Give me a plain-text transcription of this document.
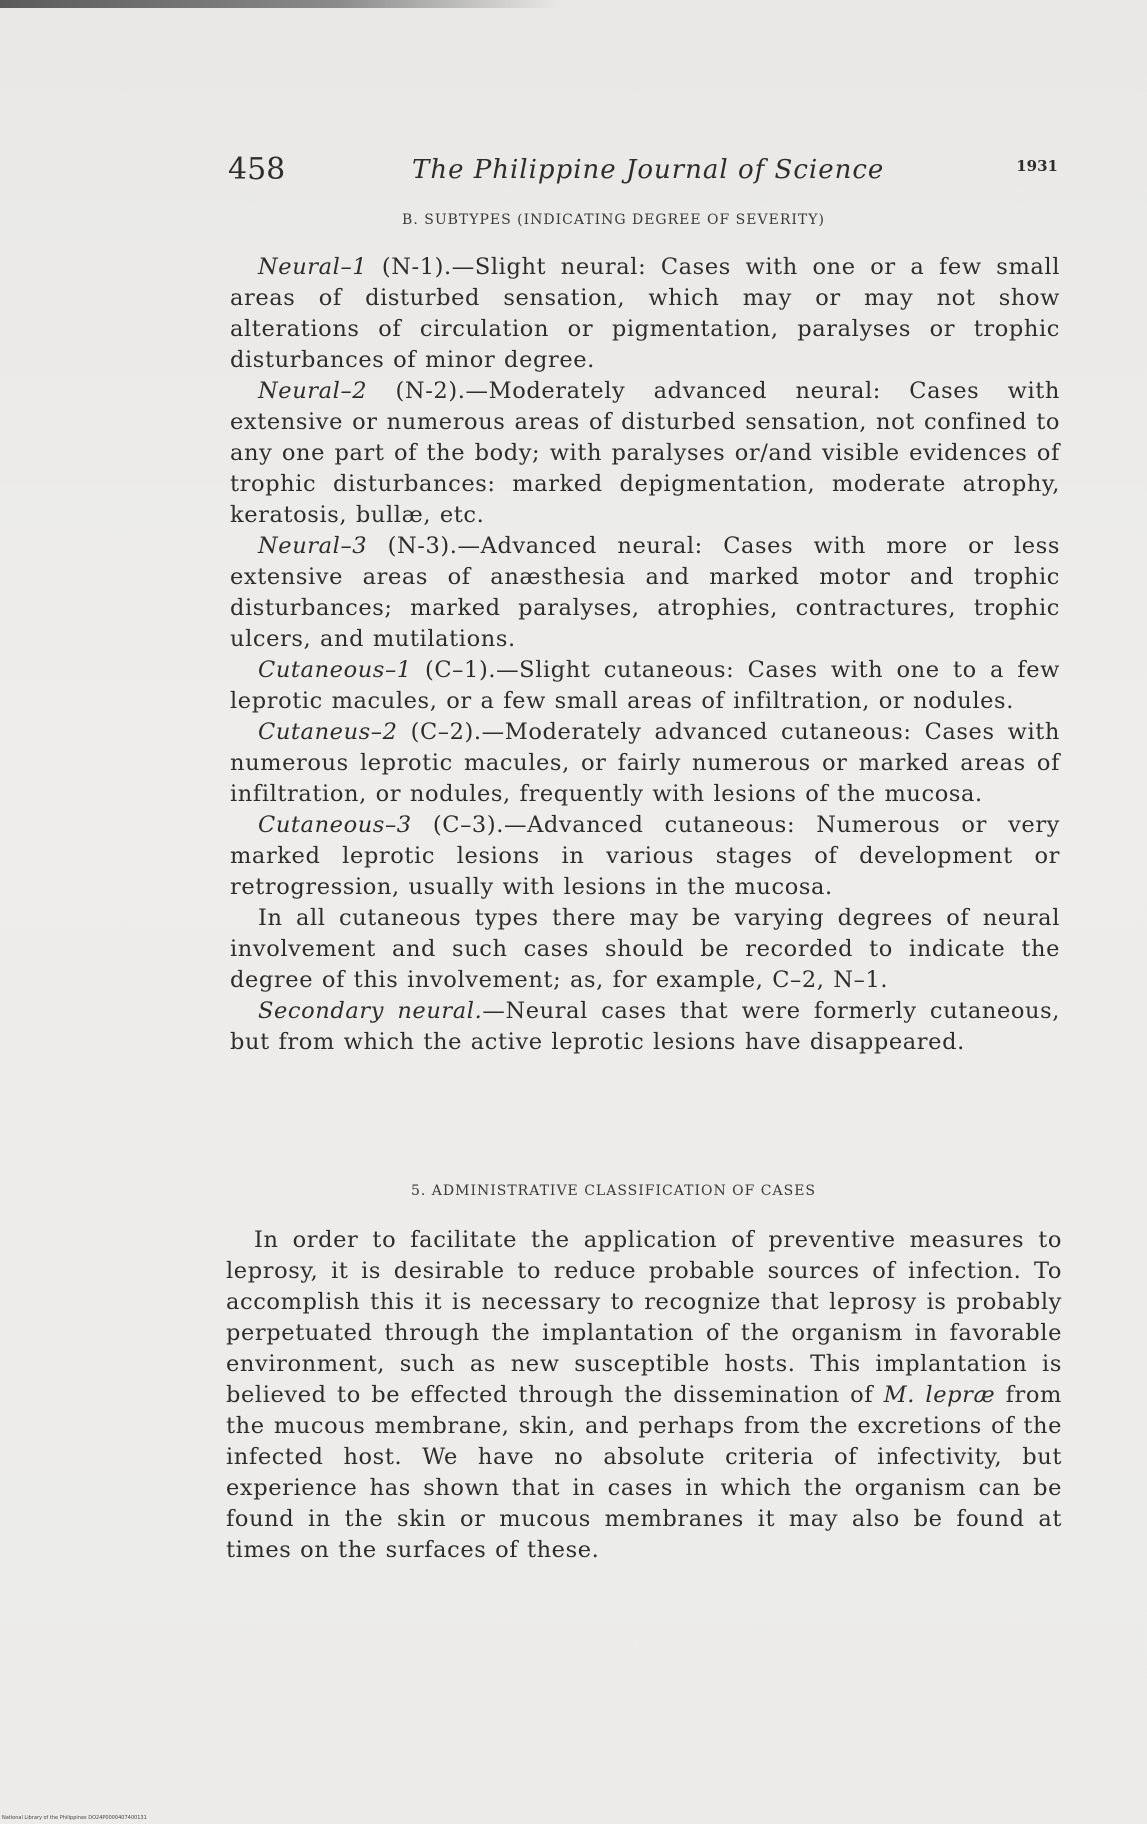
458	The Philippine Journal of Science	1931
B. SUBTYPES (INDICATING DEGREE OF SEVERITY)

Neural–1 (N-1).—Slight neural: Cases with one or a few small areas of disturbed sensation, which may or may not show alterations of circulation or pigmentation, paralyses or trophic disturbances of minor degree.

Neural–2 (N-2).—Moderately advanced neural: Cases with extensive or numerous areas of disturbed sensation, not confined to any one part of the body; with paralyses or/and visible evidences of trophic disturbances: marked depigmentation, moderate atrophy, keratosis, bullæ, etc.

Neural–3 (N-3).—Advanced neural: Cases with more or less extensive areas of anæsthesia and marked motor and trophic disturbances; marked paralyses, atrophies, contractures, trophic ulcers, and mutilations.

Cutaneous–1 (C–1).—Slight cutaneous: Cases with one to a few leprotic macules, or a few small areas of infiltration, or nodules.

Cutaneus–2 (C–2).—Moderately advanced cutaneous: Cases with numerous leprotic macules, or fairly numerous or marked areas of infiltration, or nodules, frequently with lesions of the mucosa.

Cutaneous–3 (C–3).—Advanced cutaneous: Numerous or very marked leprotic lesions in various stages of development or retrogression, usually with lesions in the mucosa.

In all cutaneous types there may be varying degrees of neural involvement and such cases should be recorded to indicate the degree of this involvement; as, for example, C–2, N–1.

Secondary neural.—Neural cases that were formerly cutaneous, but from which the active leprotic lesions have disappeared.

5. ADMINISTRATIVE CLASSIFICATION OF CASES

In order to facilitate the application of preventive measures to leprosy, it is desirable to reduce probable sources of infection. To accomplish this it is necessary to recognize that leprosy is probably perpetuated through the implantation of the organism in favorable environment, such as new susceptible hosts. This implantation is believed to be effected through the dissemination of M. lepræ from the mucous membrane, skin, and perhaps from the excretions of the infected host. We have no absolute criteria of infectivity, but experience has shown that in cases in which the organism can be found in the skin or mucous membranes it may also be found at times on the surfaces of these.

National Library of the Philippines DO24P0000407400131
